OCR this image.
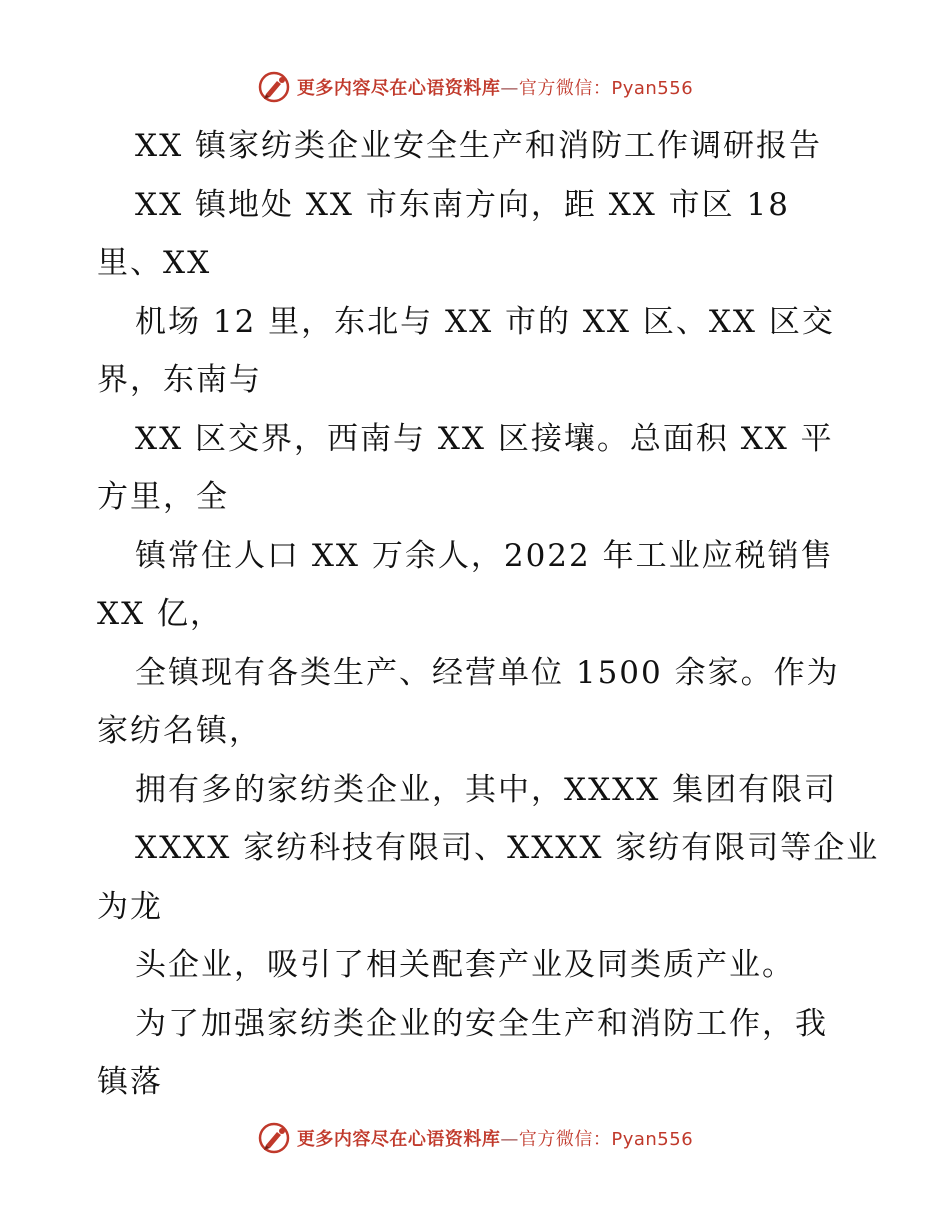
更多内容尽在心语资料库—官方微信：Pyan556
XX 镇家纺类企业安全生产和消防工作调研报告
XX 镇地处 XX 市东南方向，距 XX 市区 18
里、XX
机场 12 里，东北与 XX 市的 XX 区、XX 区交
界，东南与
XX 区交界，西南与 XX 区接壤。总面积 XX 平
方里，全
镇常住人口 XX 万余人，2022 年工业应税销售
XX 亿，
全镇现有各类生产、经营单位 1500 余家。作为
家纺名镇，
拥有多的家纺类企业，其中，XXXX 集团有限司
XXXX 家纺科技有限司、XXXX 家纺有限司等企业
为龙
头企业，吸引了相关配套产业及同类质产业。
为了加强家纺类企业的安全生产和消防工作，我
镇落
更多内容尽在心语资料库—官方微信：Pyan556
